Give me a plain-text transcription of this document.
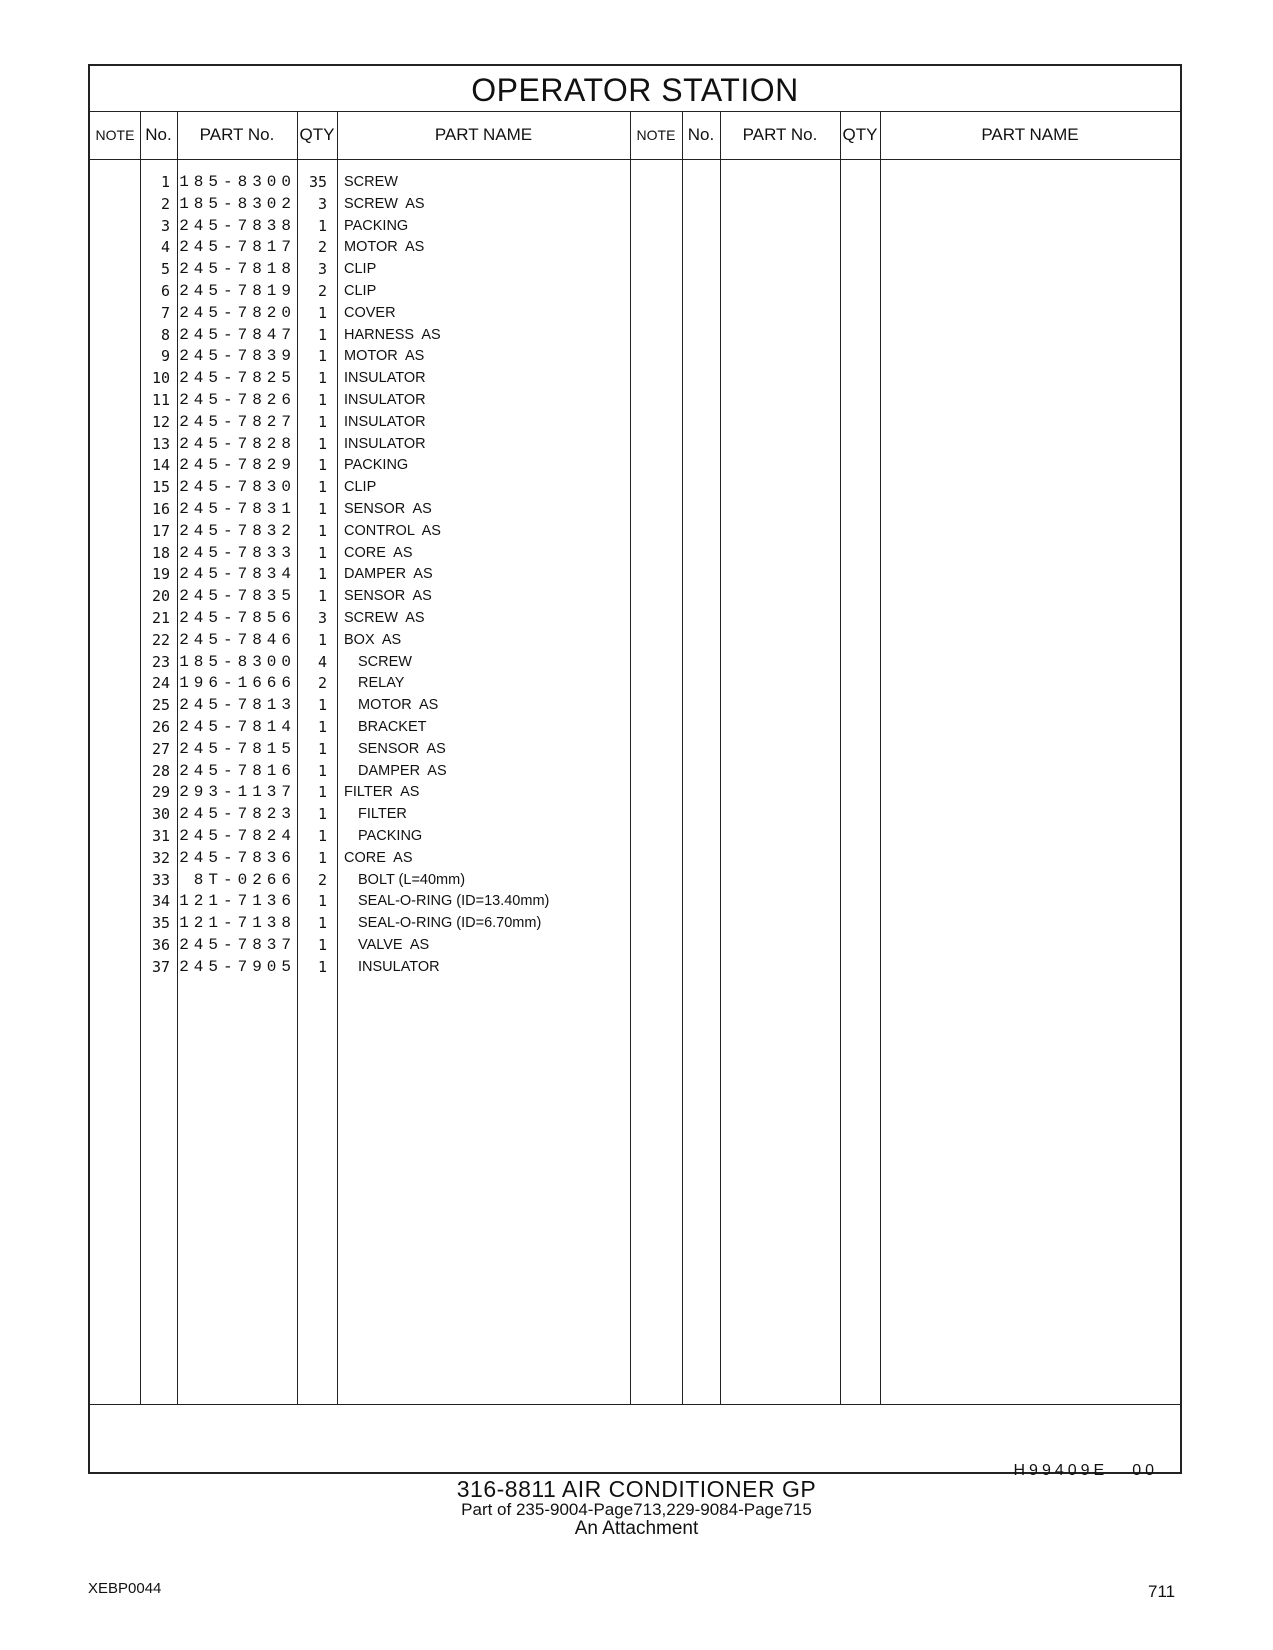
OPERATOR STATION
NOTE No.	PART No.	QTY	PART NAME	NOTE No.	PART No.	QTY	PART NAME
1 185-8300 35 SCREW
2 185-8302	3 SCREW  AS
3 245-7838	1 PACKING
4 245-7817	2 MOTOR  AS
5 245-7818	3 CLIP
6 245-7819	2 CLIP
7 245-7820	1 COVER
8 245-7847	1 HARNESS  AS
9 245-7839	1 MOTOR  AS
10 245-7825	1 INSULATOR
11 245-7826	1 INSULATOR
12 245-7827	1 INSULATOR
13 245-7828	1 INSULATOR
14 245-7829	1 PACKING
15 245-7830	1 CLIP
16 245-7831	1 SENSOR  AS
17 245-7832	1 CONTROL  AS
18 245-7833	1 CORE  AS
19 245-7834	1 DAMPER  AS
20 245-7835	1 SENSOR  AS
21 245-7856	3 SCREW  AS
22 245-7846	1 BOX  AS
23 185-8300	4 SCREW
24 196-1666	2 RELAY
25 245-7813	1 MOTOR  AS
26 245-7814	1 BRACKET
27 245-7815	1 SENSOR  AS
28 245-7816	1 DAMPER  AS
29 293-1137	1 FILTER  AS
30 245-7823	1 FILTER
31 245-7824	1 PACKING
32 245-7836	1 CORE  AS
33	8T-0266	2 BOLT (L=40mm)
34 121-7136	1 SEAL-O-RING (ID=13.40mm)
35 121-7138	1 SEAL-O-RING (ID=6.70mm)
36 245-7837	1 VALVE  AS
37 245-7905	1 INSULATOR
H99409E 00
316-8811 AIR CONDITIONER GP
Part of 235-9004-Page713,229-9084-Page715
An Attachment
XEBP0044	711
